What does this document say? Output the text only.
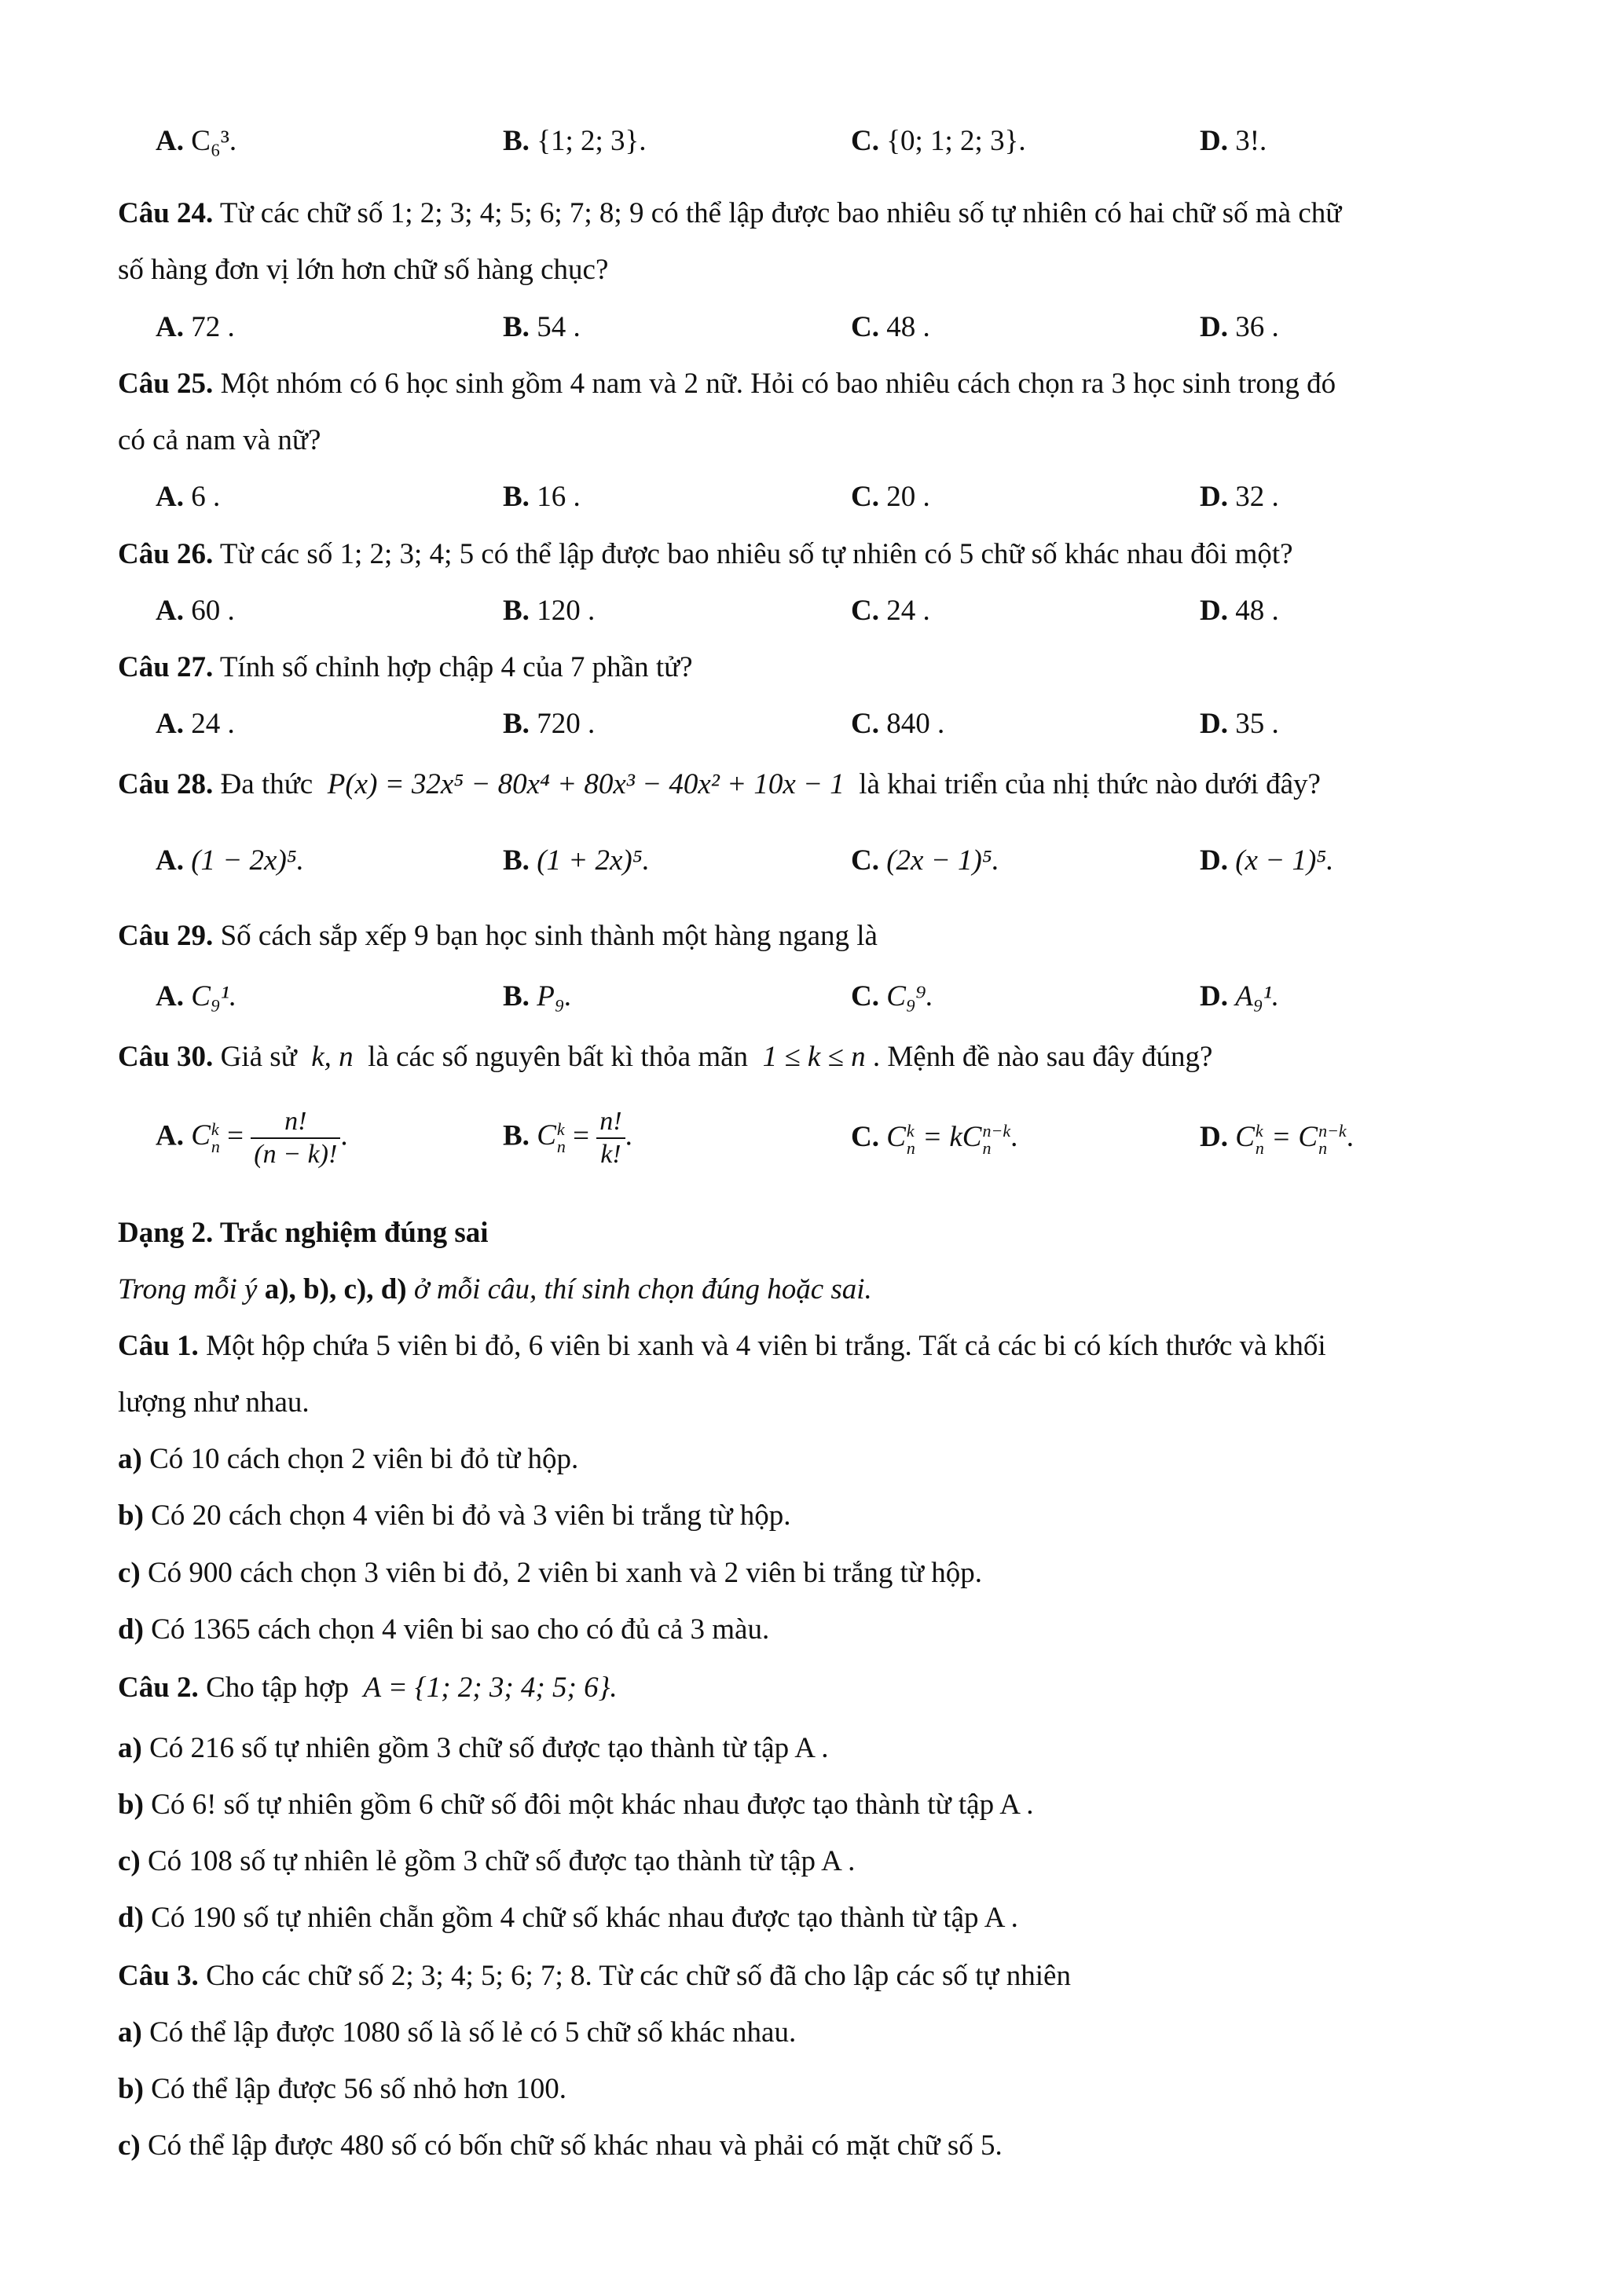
A. C₆³.	B. {1; 2; 3}.	C. {0; 1; 2; 3}.	D. 3!.
Câu 24. Từ các chữ số 1; 2; 3; 4; 5; 6; 7; 8; 9 có thể lập được bao nhiêu số tự nhiên có hai chữ số mà chữ
số hàng đơn vị lớn hơn chữ số hàng chục?
A. 72 .	B. 54 .	C. 48 .	D. 36 .
Câu 25. Một nhóm có 6 học sinh gồm 4 nam và 2 nữ. Hỏi có bao nhiêu cách chọn ra 3 học sinh trong đó
có cả nam và nữ?
A. 6 .	B. 16 .	C. 20 .	D. 32 .
Câu 26. Từ các số 1; 2; 3; 4; 5 có thể lập được bao nhiêu số tự nhiên có 5 chữ số khác nhau đôi một?
A. 60 .	B. 120 .	C. 24 .	D. 48 .
Câu 27. Tính số chỉnh hợp chập 4 của 7 phần tử?
A. 24 .	B. 720 .	C. 840 .	D. 35 .
Câu 28. Đa thức P(x) = 32x⁵ − 80x⁴ + 80x³ − 40x² + 10x − 1 là khai triển của nhị thức nào dưới đây?
A. (1 − 2x)⁵.	B. (1 + 2x)⁵.	C. (2x − 1)⁵.	D. (x − 1)⁵.
Câu 29. Số cách sắp xếp 9 bạn học sinh thành một hàng ngang là
A. C₉¹.	B. P₉.	C. C₉⁹.	D. A₉¹.
Câu 30. Giả sử k, n là các số nguyên bất kì thỏa mãn 1 ≤ k ≤ n . Mệnh đề nào sau đây đúng?
A. C k
$n = \frac{n!}{(n - k)!}$ .	B. C k
$n = \frac{n!}{k!}$ .	C. C k
n = kC n−k
n .	D. C k
n = C n−k
n .
Dạng 2. Trắc nghiệm đúng sai
Trong mỗi ý a), b), c), d) ở mỗi câu, thí sinh chọn đúng hoặc sai.
Câu 1. Một hộp chứa 5 viên bi đỏ, 6 viên bi xanh và 4 viên bi trắng. Tất cả các bi có kích thước và khối
lượng như nhau.
a) Có 10 cách chọn 2 viên bi đỏ từ hộp.
b) Có 20 cách chọn 4 viên bi đỏ và 3 viên bi trắng từ hộp.
c) Có 900 cách chọn 3 viên bi đỏ, 2 viên bi xanh và 2 viên bi trắng từ hộp.
d) Có 1365 cách chọn 4 viên bi sao cho có đủ cả 3 màu.
Câu 2. Cho tập hợp A = {1; 2; 3; 4; 5; 6}.
a) Có 216 số tự nhiên gồm 3 chữ số được tạo thành từ tập A .
b) Có 6! số tự nhiên gồm 6 chữ số đôi một khác nhau được tạo thành từ tập A .
c) Có 108 số tự nhiên lẻ gồm 3 chữ số được tạo thành từ tập A .
d) Có 190 số tự nhiên chẵn gồm 4 chữ số khác nhau được tạo thành từ tập A .
Câu 3. Cho các chữ số 2; 3; 4; 5; 6; 7; 8. Từ các chữ số đã cho lập các số tự nhiên
a) Có thể lập được 1080 số là số lẻ có 5 chữ số khác nhau.
b) Có thể lập được 56 số nhỏ hơn 100.
c) Có thể lập được 480 số có bốn chữ số khác nhau và phải có mặt chữ số 5.
